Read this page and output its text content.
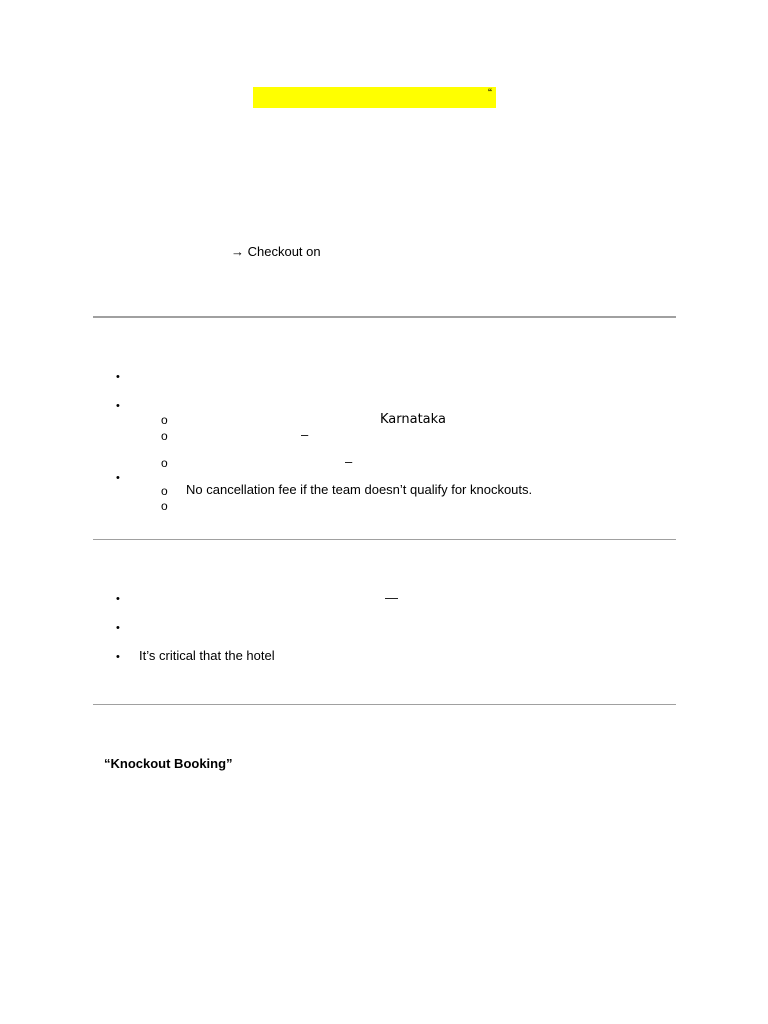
“
→ Checkout on
•
•
o	Karnataka
o	–
o	–
•
o No cancellation fee if the team doesn’t qualify for knockouts.
o
•	—
•
• It’s critical that the hotel
“Knockout Booking”
